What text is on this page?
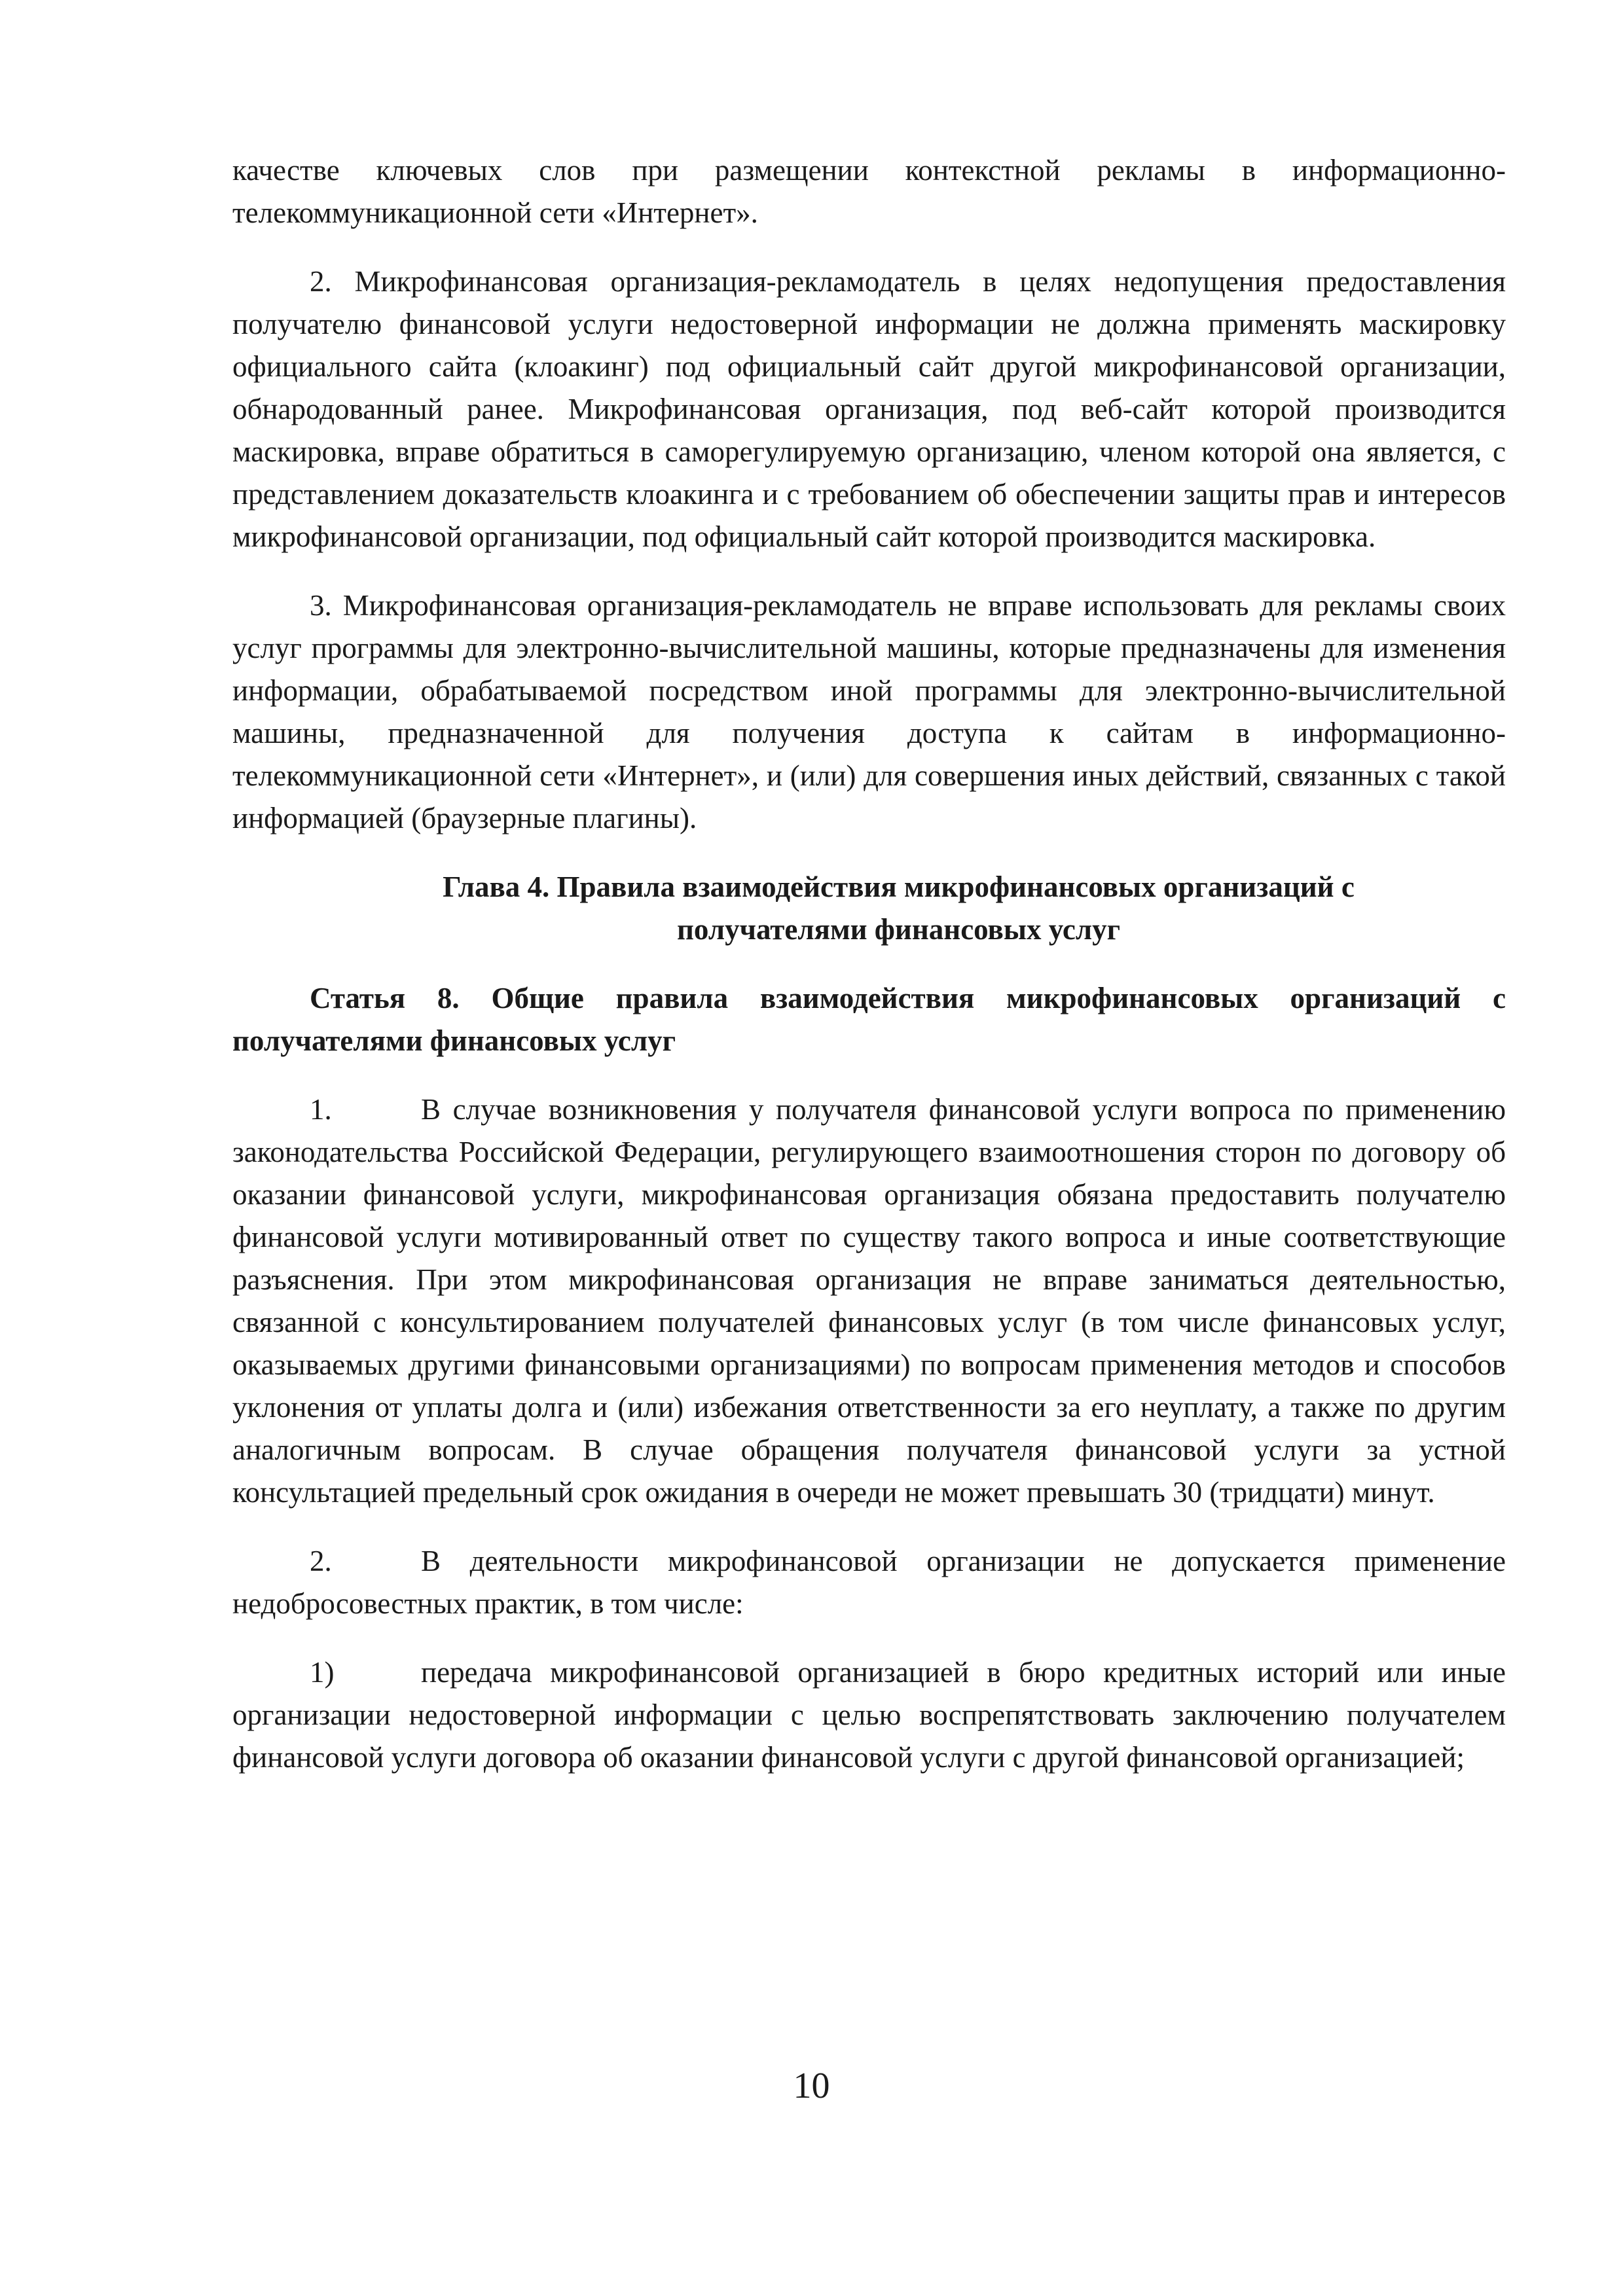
качестве ключевых слов при размещении контекстной рекламы в информационно-телекоммуникационной сети «Интернет».

2. Микрофинансовая организация-рекламодатель в целях недопущения предоставления получателю финансовой услуги недостоверной информации не должна применять маскировку официального сайта (клоакинг) под официальный сайт другой микрофинансовой организации, обнародованный ранее. Микрофинансовая организация, под веб-сайт которой производится маскировка, вправе обратиться в саморегулируемую организацию, членом которой она является, с представлением доказательств клоакинга и с требованием об обеспечении защиты прав и интересов микрофинансовой организации, под официальный сайт которой производится маскировка.

3. Микрофинансовая организация-рекламодатель не вправе использовать для рекламы своих услуг программы для электронно-вычислительной машины, которые предназначены для изменения информации, обрабатываемой посредством иной программы для электронно-вычислительной машины, предназначенной для получения доступа к сайтам в информационно-телекоммуникационной сети «Интернет», и (или) для совершения иных действий, связанных с такой информацией (браузерные плагины).

Глава 4. Правила взаимодействия микрофинансовых организаций с
получателями финансовых услуг
Статья 8. Общие правила взаимодействия микрофинансовых организаций с получателями финансовых услуг

1.	В случае возникновения у получателя финансовой услуги вопроса по применению законодательства Российской Федерации, регулирующего взаимоотношения сторон по договору об оказании финансовой услуги, микрофинансовая организация обязана предоставить получателю финансовой услуги мотивированный ответ по существу такого вопроса и иные соответствующие разъяснения. При этом микрофинансовая организация не вправе заниматься деятельностью, связанной с консультированием получателей финансовых услуг (в том числе финансовых услуг, оказываемых другими финансовыми организациями) по вопросам применения методов и способов уклонения от уплаты долга и (или) избежания ответственности за его неуплату, а также по другим аналогичным вопросам. В случае обращения получателя финансовой услуги за устной консультацией предельный срок ожидания в очереди не может превышать 30 (тридцати) минут.

2.	В деятельности микрофинансовой организации не допускается применение недобросовестных практик, в том числе:

1)	передача микрофинансовой организацией в бюро кредитных историй или иные организации недостоверной информации с целью воспрепятствовать заключению получателем финансовой услуги договора об оказании финансовой услуги с другой финансовой организацией;

10
